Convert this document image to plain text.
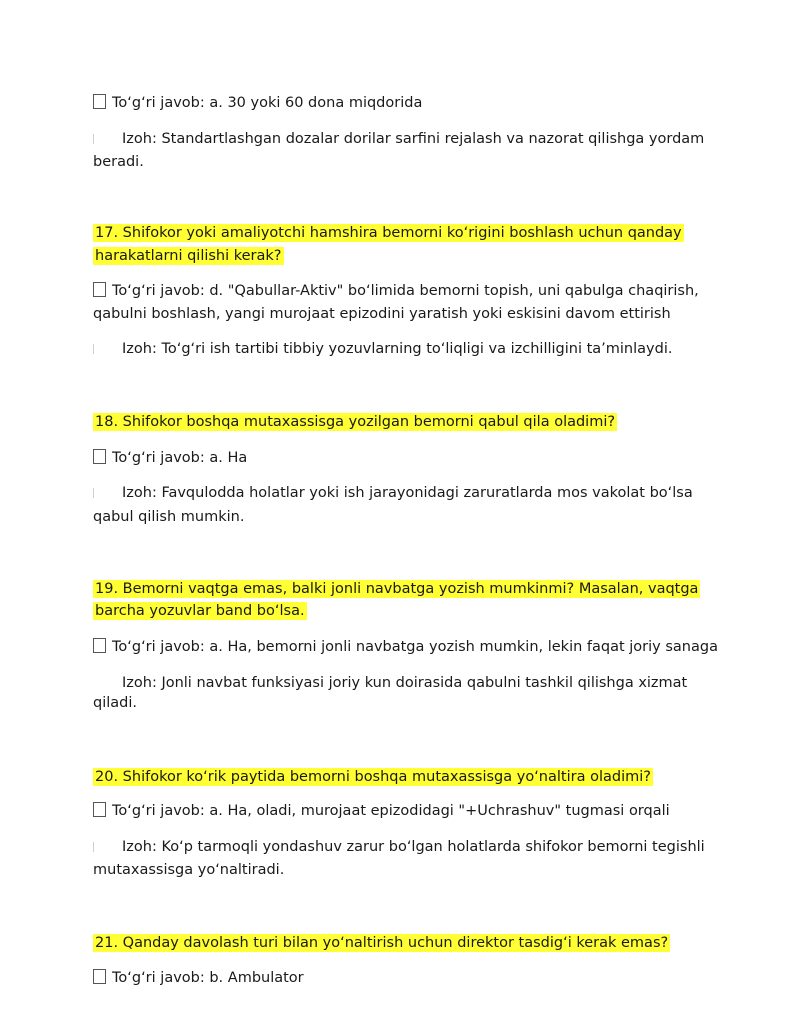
To‘g‘ri javob: a. 30 yoki 60 dona miqdorida
Izoh: Standartlashgan dozalar dorilar sarfini rejalash va nazorat qilishga yordam
beradi.
17. Shifokor yoki amaliyotchi hamshira bemorni ko‘rigini boshlash uchun qanday
harakatlarni qilishi kerak?
To‘g‘ri javob: d. "Qabullar-Aktiv" bo‘limida bemorni topish, uni qabulga chaqirish,
qabulni boshlash, yangi murojaat epizodini yaratish yoki eskisini davom ettirish
Izoh: To‘g‘ri ish tartibi tibbiy yozuvlarning to‘liqligi va izchilligini ta’minlaydi.
18. Shifokor boshqa mutaxassisga yozilgan bemorni qabul qila oladimi?
To‘g‘ri javob: a. Ha
Izoh: Favqulodda holatlar yoki ish jarayonidagi zaruratlarda mos vakolat bo‘lsa
qabul qilish mumkin.
19. Bemorni vaqtga emas, balki jonli navbatga yozish mumkinmi? Masalan, vaqtga
barcha yozuvlar band bo‘lsa.
To‘g‘ri javob: a. Ha, bemorni jonli navbatga yozish mumkin, lekin faqat joriy sanaga
Izoh: Jonli navbat funksiyasi joriy kun doirasida qabulni tashkil qilishga xizmat
qiladi.
20. Shifokor ko‘rik paytida bemorni boshqa mutaxassisga yo‘naltira oladimi?
To‘g‘ri javob: a. Ha, oladi, murojaat epizodidagi "+Uchrashuv" tugmasi orqali
Izoh: Ko‘p tarmoqli yondashuv zarur bo‘lgan holatlarda shifokor bemorni tegishli
mutaxassisga yo‘naltiradi.
21. Qanday davolash turi bilan yo‘naltirish uchun direktor tasdig‘i kerak emas?
To‘g‘ri javob: b. Ambulator
